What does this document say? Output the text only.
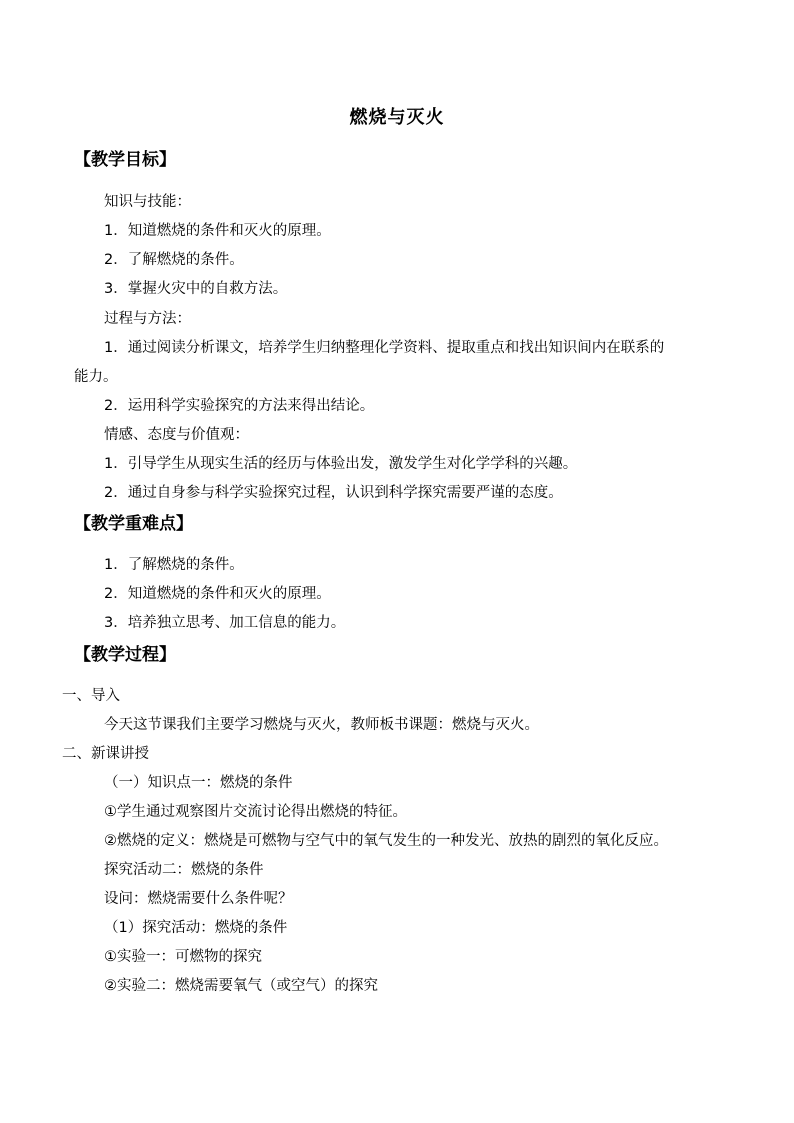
燃烧与灭火
【教学目标】
知识与技能：
1．知道燃烧的条件和灭火的原理。
2．了解燃烧的条件。
3．掌握火灾中的自救方法。
过程与方法：
1．通过阅读分析课文，培养学生归纳整理化学资料、提取重点和找出知识间内在联系的
能力。
2．运用科学实验探究的方法来得出结论。
情感、态度与价值观：
1．引导学生从现实生活的经历与体验出发，激发学生对化学学科的兴趣。
2．通过自身参与科学实验探究过程，认识到科学探究需要严谨的态度。
【教学重难点】
1．了解燃烧的条件。
2．知道燃烧的条件和灭火的原理。
3．培养独立思考、加工信息的能力。
【教学过程】
一、导入
今天这节课我们主要学习燃烧与灭火，教师板书课题：燃烧与灭火。
二、新课讲授
（一）知识点一：燃烧的条件
①学生通过观察图片交流讨论得出燃烧的特征。
②燃烧的定义：燃烧是可燃物与空气中的氧气发生的一种发光、放热的剧烈的氧化反应。
探究活动二：燃烧的条件
设问：燃烧需要什么条件呢？
（1）探究活动：燃烧的条件
①实验一：可燃物的探究
②实验二：燃烧需要氧气（或空气）的探究
